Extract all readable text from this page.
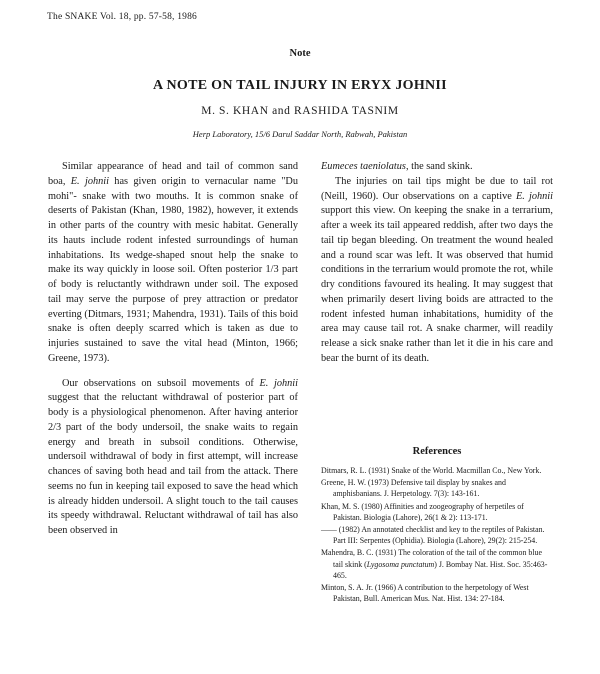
The SNAKE Vol. 18, pp. 57-58, 1986
Note
A NOTE ON TAIL INJURY IN ERYX JOHNII
M. S. KHAN and RASHIDA TASNIM
Herp Laboratory, 15/6 Darul Saddar North, Rabwah, Pakistan

Similar appearance of head and tail of common sand boa, E. johnii has given origin to vernacular name "Du mohi"- snake with two mouths. It is common snake of deserts of Pakistan (Khan, 1980, 1982), however, it extends in other parts of the country with mesic habitat. Generally its hauts include rodent infested surroundings of human inhabitations. Its wedge-shaped snout help the snake to make its way quickly in loose soil. Often posterior 1/3 part of body is reluctantly withdrawn under soil. The exposed tail may serve the purpose of prey attraction or predator everting (Ditmars, 1931; Mahendra, 1931). Tails of this boid snake is often deeply scarred which is taken as due to injuries sustained to save the vital head (Minton, 1966; Greene, 1973).

Our observations on subsoil movements of E. johnii suggest that the reluctant withdrawal of posterior part of body is a physiological phenomenon. After having anterior 2/3 part of the body undersoil, the snake waits to regain energy and breath in subsoil conditions. Otherwise, undersoil withdrawal of body in first attempt, will increase chances of saving both head and tail from the attack. There seems no fun in keeping tail exposed to save the head which is already hidden undersoil. A slight touch to the tail causes its speedy withdrawal. Reluctant withdrawal of tail has also been observed in

Eumeces taeniolatus, the sand skink.

The injuries on tail tips might be due to tail rot (Neill, 1960). Our observations on a captive E. johnii support this view. On keeping the snake in a terrarium, after a week its tail appeared reddish, after two days the tail tip began bleeding. On treatment the wound healed and a round scar was left. It was observed that humid conditions in the terrarium would promote the rot, while dry conditions favoured its healing. It may suggest that when primarily desert living boids are attracted to the rodent infested human inhabitations, humidity of the area may cause tail rot. A snake charmer, will readily release a sick snake rather than let it die in his care and bear the burnt of its death.

References

Ditmars, R. L. (1931) Snake of the World. Macmillan Co., New York.

Greene, H. W. (1973) Defensive tail display by snakes and amphisbanians. J. Herpetology. 7(3): 143-161.

Khan, M. S. (1980) Affinities and zoogeography of herpetiles of Pakistan. Biologia (Lahore), 26(1 & 2): 113-171.

—— (1982) An annotated checklist and key to the reptiles of Pakistan. Part III: Serpentes (Ophidia). Biologia (Lahore), 29(2): 215-254.

Mahendra, B. C. (1931) The coloration of the tail of the common blue tail skink (Lygosoma punctatum) J. Bombay Nat. Hist. Soc. 35:463-465.

Minton, S. A. Jr. (1966) A contribution to the herpetology of West Pakistan, Bull. American Mus. Nat. Hist. 134: 27-184.
